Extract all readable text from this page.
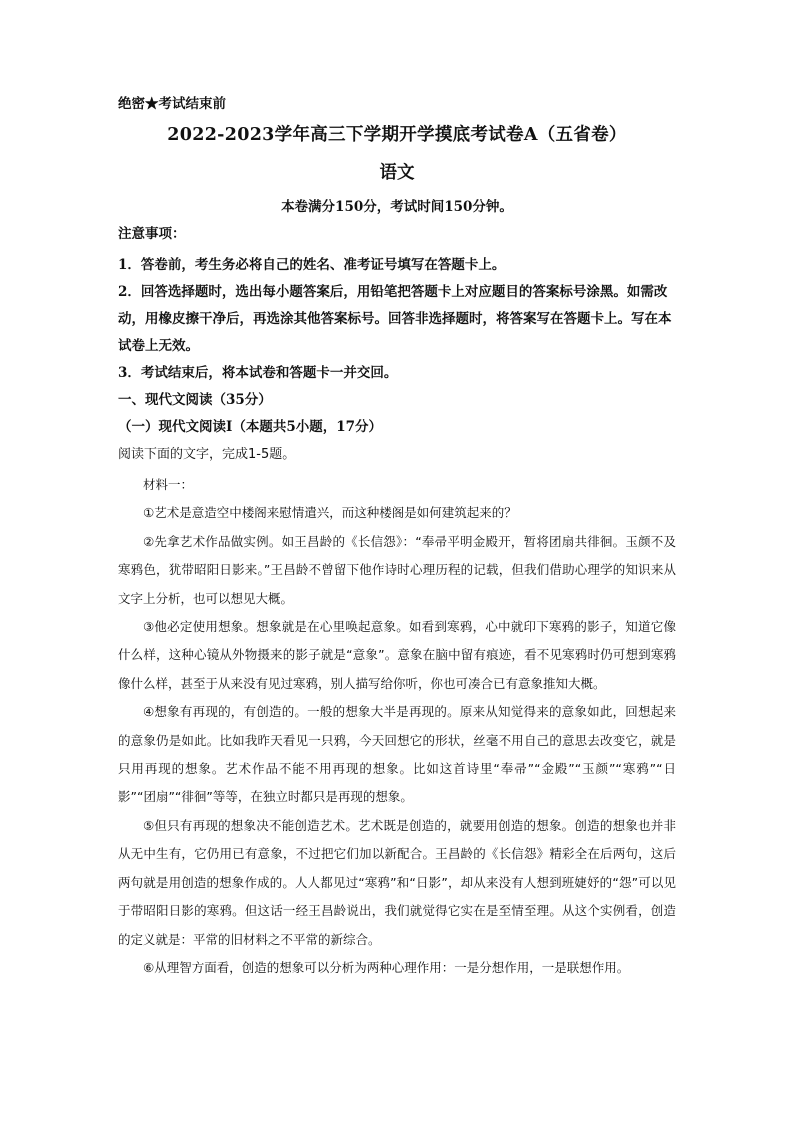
绝密★考试结束前
2022-2023学年高三下学期开学摸底考试卷A（五省卷）
语文
本卷满分150分，考试时间150分钟。
注意事项：

1．答卷前，考生务必将自己的姓名、准考证号填写在答题卡上。

2．回答选择题时，选出每小题答案后，用铅笔把答题卡上对应题目的答案标号涂黑。如需改动，用橡皮擦干净后，再选涂其他答案标号。回答非选择题时，将答案写在答题卡上。写在本试卷上无效。

3．考试结束后，将本试卷和答题卡一并交回。

一、现代文阅读（35分）
（一）现代文阅读Ⅰ（本题共5小题，17分）
阅读下面的文字，完成1-5题。

材料一：

①艺术是意造空中楼阁来慰情遣兴，而这种楼阁是如何建筑起来的？

②先拿艺术作品做实例。如王昌龄的《长信怨》：“奉帚平明金殿开，暂将团扇共徘徊。玉颜不及寒鸦色，犹带昭阳日影来。”王昌龄不曾留下他作诗时心理历程的记载，但我们借助心理学的知识来从文字上分析，也可以想见大概。

③他必定使用想象。想象就是在心里唤起意象。如看到寒鸦，心中就印下寒鸦的影子，知道它像什么样，这种心镜从外物摄来的影子就是“意象”。意象在脑中留有痕迹，看不见寒鸦时仍可想到寒鸦像什么样，甚至于从来没有见过寒鸦，别人描写给你听，你也可凑合已有意象推知大概。

④想象有再现的，有创造的。一般的想象大半是再现的。原来从知觉得来的意象如此，回想起来的意象仍是如此。比如我昨天看见一只鸦，今天回想它的形状，丝毫不用自己的意思去改变它，就是只用再现的想象。艺术作品不能不用再现的想象。比如这首诗里“奉帚”“金殿”“玉颜”“寒鸦”“日影”“团扇”“徘徊”等等，在独立时都只是再现的想象。

⑤但只有再现的想象决不能创造艺术。艺术既是创造的，就要用创造的想象。创造的想象也并非从无中生有，它仍用已有意象，不过把它们加以新配合。王昌龄的《长信怨》精彩全在后两句，这后两句就是用创造的想象作成的。人人都见过“寒鸦”和“日影”，却从来没有人想到班婕妤的“怨”可以见于带昭阳日影的寒鸦。但这话一经王昌龄说出，我们就觉得它实在是至情至理。从这个实例看，创造的定义就是：平常的旧材料之不平常的新综合。

⑥从理智方面看，创造的想象可以分析为两种心理作用：一是分想作用，一是联想作用。
